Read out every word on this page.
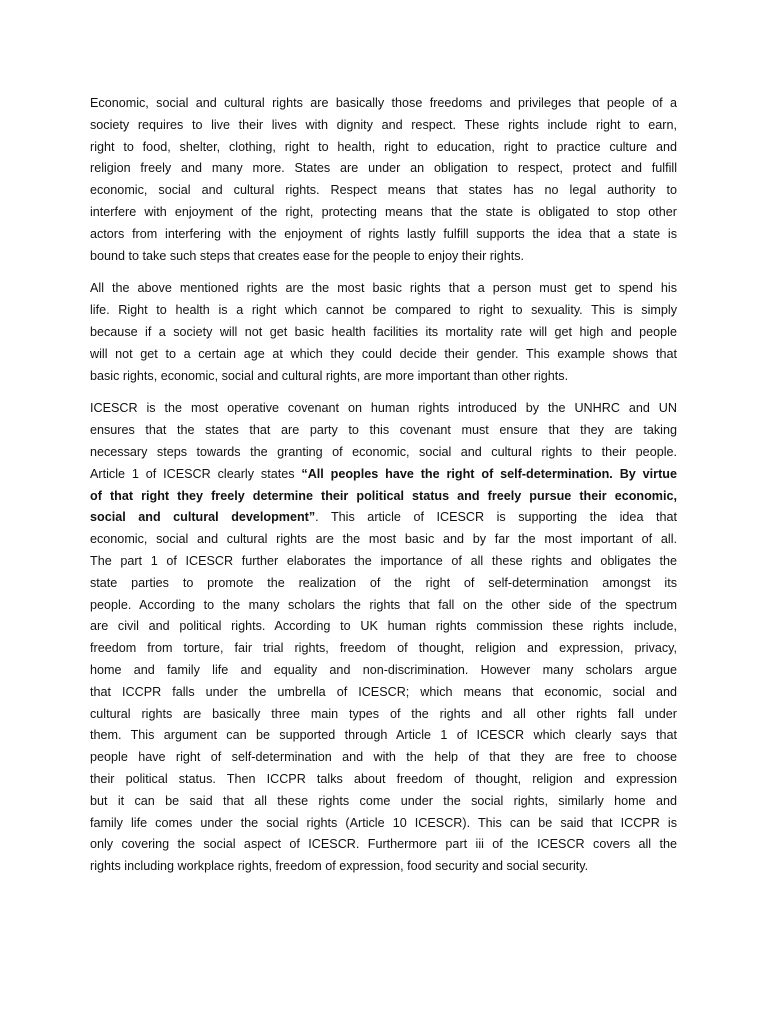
Economic, social and cultural rights are basically those freedoms and privileges that people of a
society requires to live their lives with dignity and respect. These rights include right to earn,
right to food, shelter, clothing, right to health, right to education, right to practice culture and
religion freely and many more. States are under an obligation to respect, protect and fulfill
economic, social and cultural rights. Respect means that states has no legal authority to
interfere with enjoyment of the right, protecting means that the state is obligated to stop other
actors from interfering with the enjoyment of rights lastly fulfill supports the idea that a state is
bound to take such steps that creates ease for the people to enjoy their rights.

All the above mentioned rights are the most basic rights that a person must get to spend his
life. Right to health is a right which cannot be compared to right to sexuality. This is simply
because if a society will not get basic health facilities its mortality rate will get high and people
will not get to a certain age at which they could decide their gender. This example shows that
basic rights, economic, social and cultural rights, are more important than other rights.

ICESCR is the most operative covenant on human rights introduced by the UNHRC and UN
ensures that the states that are party to this covenant must ensure that they are taking
necessary steps towards the granting of economic, social and cultural rights to their people.
Article 1 of ICESCR clearly states “All peoples have the right of self-determination. By virtue
of that right they freely determine their political status and freely pursue their economic,
social and cultural development”. This article of ICESCR is supporting the idea that
economic, social and cultural rights are the most basic and by far the most important of all.
The part 1 of ICESCR further elaborates the importance of all these rights and obligates the
state parties to promote the realization of the right of self-determination amongst its
people. According to the many scholars the rights that fall on the other side of the spectrum
are civil and political rights. According to UK human rights commission these rights include,
freedom from torture, fair trial rights, freedom of thought, religion and expression, privacy,
home and family life and equality and non-discrimination. However many scholars argue
that ICCPR falls under the umbrella of ICESCR; which means that economic, social and
cultural rights are basically three main types of the rights and all other rights fall under
them. This argument can be supported through Article 1 of ICESCR which clearly says that
people have right of self-determination and with the help of that they are free to choose
their political status. Then ICCPR talks about freedom of thought, religion and expression
but it can be said that all these rights come under the social rights, similarly home and
family life comes under the social rights (Article 10 ICESCR). This can be said that ICCPR is
only covering the social aspect of ICESCR. Furthermore part iii of the ICESCR covers all the
rights including workplace rights, freedom of expression, food security and social security.
